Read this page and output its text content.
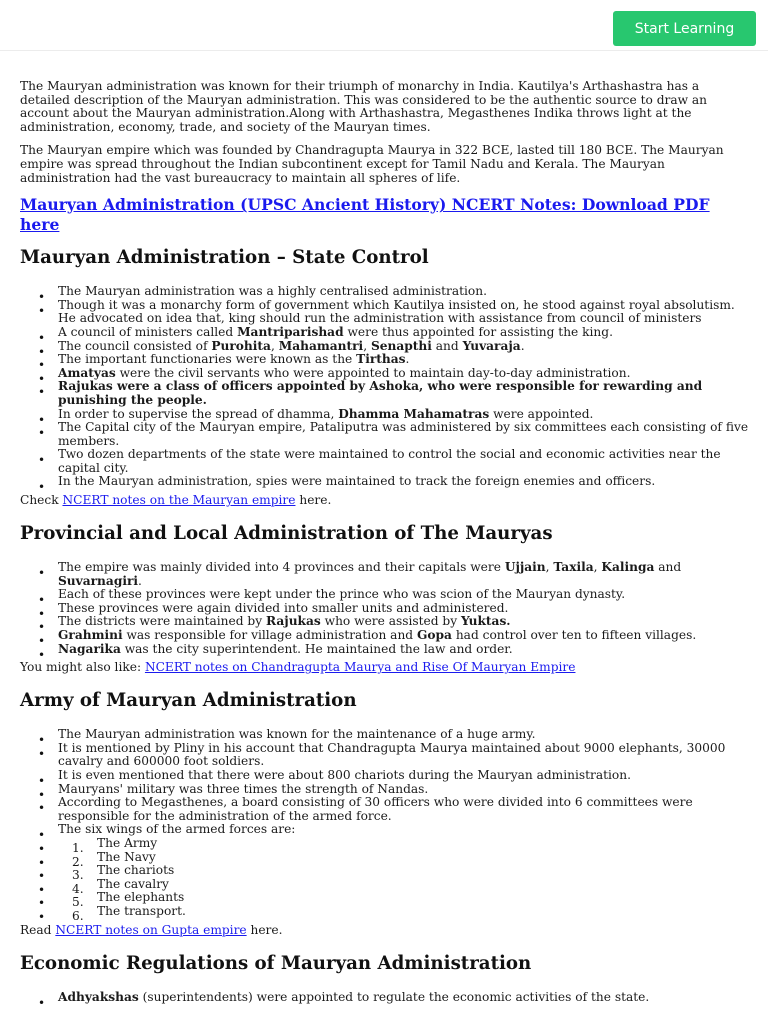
Start Learning

The Mauryan administration was known for their triumph of monarchy in India. Kautilya's Arthashastra has a detailed description of the Mauryan administration. This was considered to be the authentic source to draw an account about the Mauryan administration.Along with Arthashastra, Megasthenes Indika throws light at the administration, economy, trade, and society of the Mauryan times.

The Mauryan empire which was founded by Chandragupta Maurya in 322 BCE, lasted till 180 BCE. The Mauryan empire was spread throughout the Indian subcontinent except for Tamil Nadu and Kerala. The Mauryan administration had the vast bureaucracy to maintain all spheres of life.

Mauryan Administration (UPSC Ancient History) NCERT Notes: Download PDF here
Mauryan Administration – State Control
• The Mauryan administration was a highly centralised administration.
• Though it was a monarchy form of government which Kautilya insisted on, he stood against royal absolutism. He advocated on idea that, king should run the administration with assistance from council of ministers
• A council of ministers called Mantriparishad were thus appointed for assisting the king.
• The council consisted of Purohita, Mahamantri, Senapthi and Yuvaraja.
• The important functionaries were known as the Tirthas.
• Amatyas were the civil servants who were appointed to maintain day-to-day administration.
• Rajukas were a class of officers appointed by Ashoka, who were responsible for rewarding and punishing the people.
• In order to supervise the spread of dhamma, Dhamma Mahamatras were appointed.
• The Capital city of the Mauryan empire, Pataliputra was administered by six committees each consisting of five members.
• Two dozen departments of the state were maintained to control the social and economic activities near the capital city.
• In the Mauryan administration, spies were maintained to track the foreign enemies and officers.

Check NCERT notes on the Mauryan empire here.

Provincial and Local Administration of The Mauryas
• The empire was mainly divided into 4 provinces and their capitals were Ujjain, Taxila, Kalinga and Suvarnagiri.
• Each of these provinces were kept under the prince who was scion of the Mauryan dynasty.
• These provinces were again divided into smaller units and administered.
• The districts were maintained by Rajukas who were assisted by Yuktas.
• Grahmini was responsible for village administration and Gopa had control over ten to fifteen villages.
• Nagarika was the city superintendent. He maintained the law and order.

You might also like: NCERT notes on Chandragupta Maurya and Rise Of Mauryan Empire

Army of Mauryan Administration
• The Mauryan administration was known for the maintenance of a huge army.
• It is mentioned by Pliny in his account that Chandragupta Maurya maintained about 9000 elephants, 30000 cavalry and 600000 foot soldiers.
• It is even mentioned that there were about 800 chariots during the Mauryan administration.
• Mauryans' military was three times the strength of Nandas.
• According to Megasthenes, a board consisting of 30 officers who were divided into 6 committees were responsible for the administration of the armed force.
• The six wings of the armed forces are:
• 1. The Army
• 2. The Navy
• 3. The chariots
• 4. The cavalry
• 5. The elephants
• 6. The transport.

Read NCERT notes on Gupta empire here.

Economic Regulations of Mauryan Administration
• Adhyakshas (superintendents) were appointed to regulate the economic activities of the state.
